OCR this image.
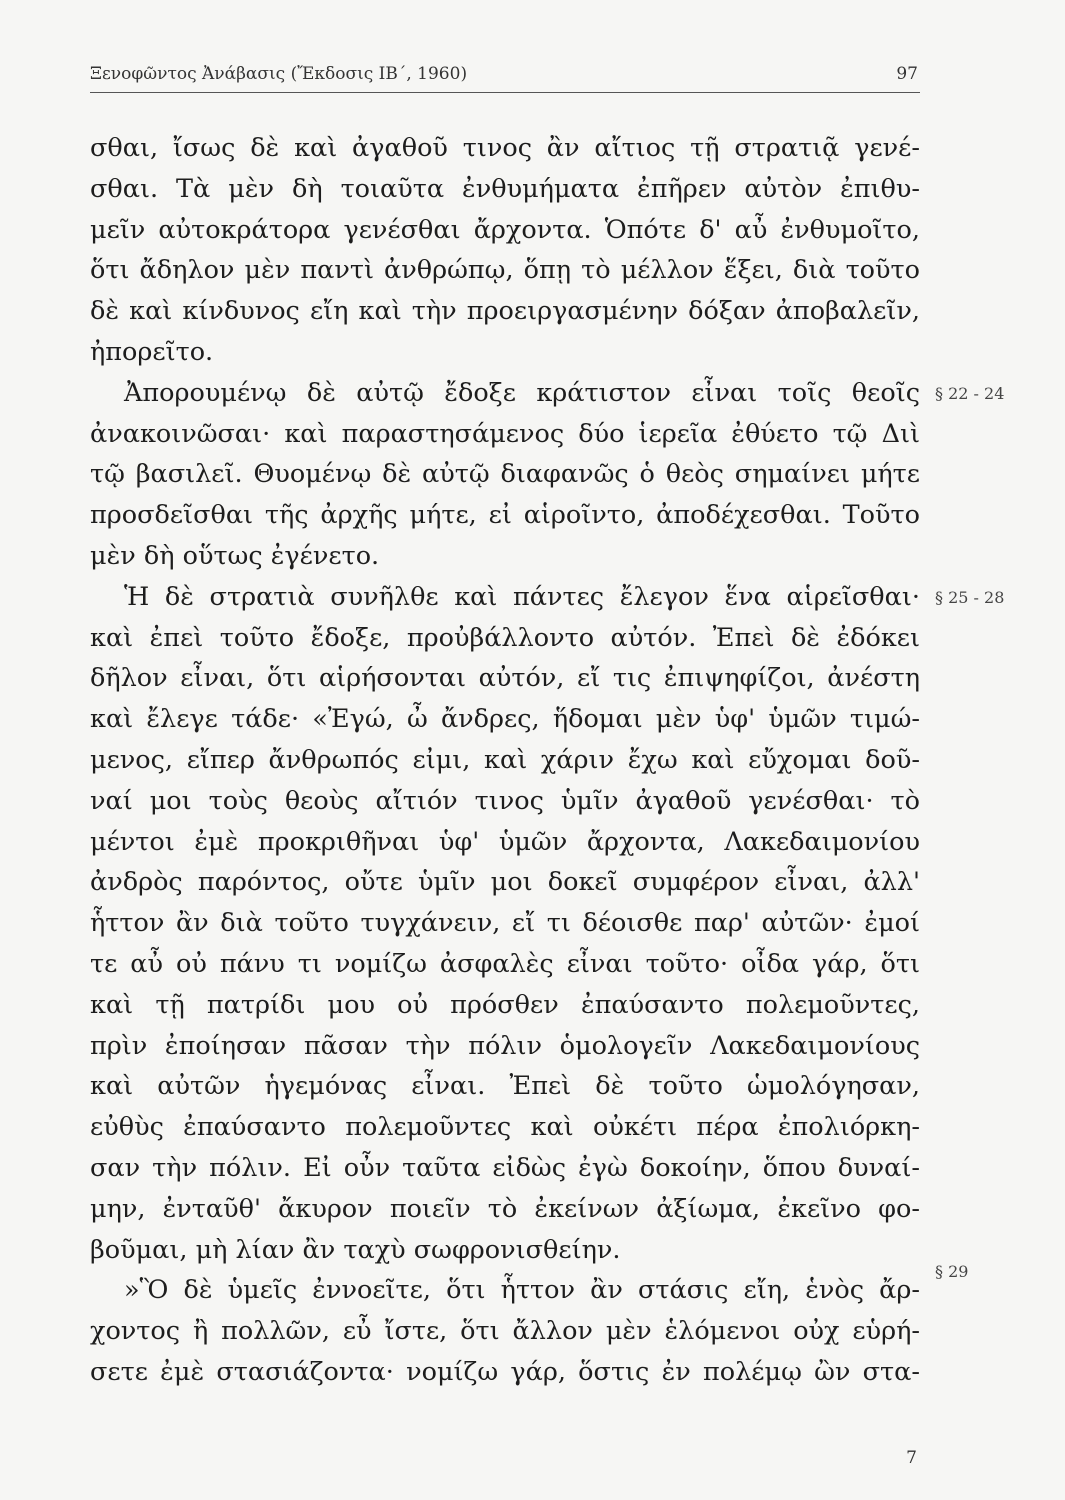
Ξενοφῶντος Ἀνάβασις (Ἔκδοσις ΙΒ΄, 1960)	97
σθαι, ἴσως δὲ καὶ ἀγαθοῦ τινος ἂν αἴτιος τῇ στρατιᾷ γενέ-
σθαι. Τὰ μὲν δὴ τοιαῦτα ἐνθυμήματα ἐπῆρεν αὐτὸν ἐπιθυ-
μεῖν αὐτοκράτορα γενέσθαι ἄρχοντα. Ὁπότε δ' αὖ ἐνθυμοῖτο,
ὅτι ἄδηλον μὲν παντὶ ἀνθρώπῳ, ὅπῃ τὸ μέλλον ἕξει, διὰ τοῦτο
δὲ καὶ κίνδυνος εἴη καὶ τὴν προειργασμένην δόξαν ἀποβαλεῖν,
ἠπορεῖτο.
Ἀπορουμένῳ δὲ αὐτῷ ἔδοξε κράτιστον εἶναι τοῖς θεοῖς
ἀνακοινῶσαι· καὶ παραστησάμενος δύο ἱερεῖα ἐθύετο τῷ Διὶ
τῷ βασιλεῖ. Θυομένῳ δὲ αὐτῷ διαφανῶς ὁ θεὸς σημαίνει μήτε
προσδεῖσθαι τῆς ἀρχῆς μήτε, εἰ αἱροῖντο, ἀποδέχεσθαι. Τοῦτο
μὲν δὴ οὕτως ἐγένετο.
Ἡ δὲ στρατιὰ συνῆλθε καὶ πάντες ἔλεγον ἕνα αἱρεῖσθαι·
καὶ ἐπεὶ τοῦτο ἔδοξε, προὐβάλλοντο αὐτόν. Ἐπεὶ δὲ ἐδόκει
δῆλον εἶναι, ὅτι αἱρήσονται αὐτόν, εἴ τις ἐπιψηφίζοι, ἀνέστη
καὶ ἔλεγε τάδε· «Ἐγώ, ὦ ἄνδρες, ἥδομαι μὲν ὑφ' ὑμῶν τιμώ-
μενος, εἴπερ ἄνθρωπός εἰμι, καὶ χάριν ἔχω καὶ εὔχομαι δοῦ-
ναί μοι τοὺς θεοὺς αἴτιόν τινος ὑμῖν ἀγαθοῦ γενέσθαι· τὸ
μέντοι ἐμὲ προκριθῆναι ὑφ' ὑμῶν ἄρχοντα, Λακεδαιμονίου
ἀνδρὸς παρόντος, οὔτε ὑμῖν μοι δοκεῖ συμφέρον εἶναι, ἀλλ'
ἧττον ἂν διὰ τοῦτο τυγχάνειν, εἴ τι δέοισθε παρ' αὐτῶν· ἐμοί
τε αὖ οὐ πάνυ τι νομίζω ἀσφαλὲς εἶναι τοῦτο· οἶδα γάρ, ὅτι
καὶ τῇ πατρίδι μου οὐ πρόσθεν ἐπαύσαντο πολεμοῦντες,
πρὶν ἐποίησαν πᾶσαν τὴν πόλιν ὁμολογεῖν Λακεδαιμονίους
καὶ αὐτῶν ἡγεμόνας εἶναι. Ἐπεὶ δὲ τοῦτο ὡμολόγησαν,
εὐθὺς ἐπαύσαντο πολεμοῦντες καὶ οὐκέτι πέρα ἐπολιόρκη-
σαν τὴν πόλιν. Εἰ οὖν ταῦτα εἰδὼς ἐγὼ δοκοίην, ὅπου δυναί-
μην, ἐνταῦθ' ἄκυρον ποιεῖν τὸ ἐκείνων ἀξίωμα, ἐκεῖνο φο-
βοῦμαι, μὴ λίαν ἂν ταχὺ σωφρονισθείην.
»Ὃ δὲ ὑμεῖς ἐννοεῖτε, ὅτι ἧττον ἂν στάσις εἴη, ἑνὸς ἄρ-
χοντος ἢ πολλῶν, εὖ ἴστε, ὅτι ἄλλον μὲν ἑλόμενοι οὐχ εὑρή-
σετε ἐμὲ στασιάζοντα· νομίζω γάρ, ὅστις ἐν πολέμῳ ὢν στα-
§ 22 - 24
§ 25 - 28
§ 29
7
